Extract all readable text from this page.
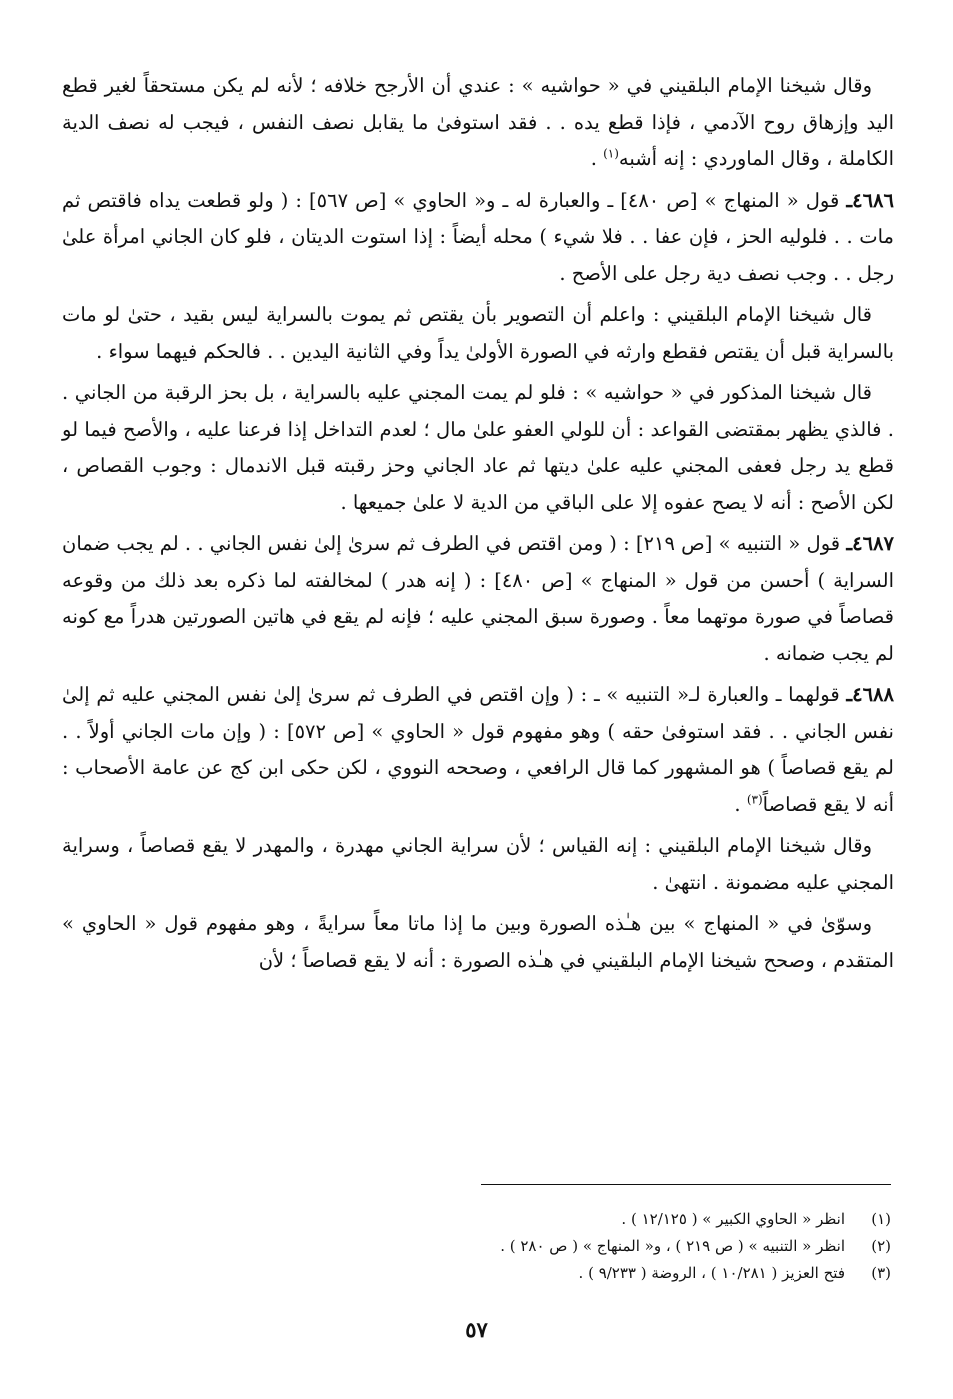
وقال شيخنا الإمام البلقيني في « حواشيه » : عندي أن الأرجح خلافه ؛ لأنه لم يكن مستحقاً لغير قطع اليد وإزهاق روح الآدمي ، فإذا قطع يده . . فقد استوفىٰ ما يقابل نصف النفس ، فيجب له نصف الدية الكاملة ، وقال الماوردي : إنه أشبه$^{(١)}$ .

٤٦٨٦ـ قول « المنهاج » [ص ٤٨٠] ـ والعبارة له ـ و« الحاوي » [ص ٥٦٧] : ( ولو قطعت يداه فاقتص ثم مات . . فلوليه الحز ، فإن عفا . . فلا شيء ) محله أيضاً : إذا استوت الديتان ، فلو كان الجاني امرأة علىٰ رجل . . وجب نصف دية رجل على الأصح .

قال شيخنا الإمام البلقيني : واعلم أن التصوير بأن يقتص ثم يموت بالسراية ليس بقيد ، حتىٰ لو مات بالسراية قبل أن يقتص فقطع وارثه في الصورة الأولىٰ يداً وفي الثانية اليدين . . فالحكم فيهما سواء .

قال شيخنا المذكور في « حواشيه » : فلو لم يمت المجني عليه بالسراية ، بل بحز الرقبة من الجاني . . فالذي يظهر بمقتضى القواعد : أن للولي العفو علىٰ مال ؛ لعدم التداخل إذا فرعنا عليه ، والأصح فيما لو قطع يد رجل فعفى المجني عليه علىٰ ديتها ثم عاد الجاني وحز رقبته قبل الاندمال : وجوب القصاص ، لكن الأصح : أنه لا يصح عفوه إلا على الباقي من الدية لا علىٰ جميعها .

٤٦٨٧ـ قول « التنبيه » [ص ٢١٩] : ( ومن اقتص في الطرف ثم سرىٰ إلىٰ نفس الجاني . . لم يجب ضمان السراية ) أحسن من قول « المنهاج » [ص ٤٨٠] : ( إنه هدر ) لمخالفته لما ذكره بعد ذلك من وقوعه قصاصاً في صورة موتهما معاً . وصورة سبق المجني عليه ؛ فإنه لم يقع في هاتين الصورتين هدراً مع كونه لم يجب ضمانه .

٤٦٨٨ـ قولهما ـ والعبارة لـ« التنبيه » ـ : ( وإن اقتص في الطرف ثم سرىٰ إلىٰ نفس المجني عليه ثم إلىٰ نفس الجاني . . فقد استوفىٰ حقه ) وهو مفهوم قول « الحاوي » [ص ٥٧٢] : ( وإن مات الجاني أولاً . . لم يقع قصاصاً ) هو المشهور كما قال الرافعي ، وصححه النووي ، لكن حكى ابن كج عن عامة الأصحاب : أنه لا يقع قصاصاً$^{(٣)}$ .

وقال شيخنا الإمام البلقيني : إنه القياس ؛ لأن سراية الجاني مهدرة ، والمهدر لا يقع قصاصاً ، وسراية المجني عليه مضمونة . انتهىٰ .

وسوّىٰ في « المنهاج » بين هـٰذه الصورة وبين ما إذا ماتا معاً سرايةً ، وهو مفهوم قول « الحاوي » المتقدم ، وصحح شيخنا الإمام البلقيني في هـٰذه الصورة : أنه لا يقع قصاصاً ؛ لأن

(١)انظر « الحاوي الكبير » ( ١٢/١٢٥ ) .

(٢)انظر « التنبيه » ( ص ٢١٩ ) ، و« المنهاج » ( ص ٢٨٠ ) .

(٣)فتح العزيز ( ١٠/٢٨١ ) ، الروضة ( ٩/٢٣٣ ) .

٥٧
